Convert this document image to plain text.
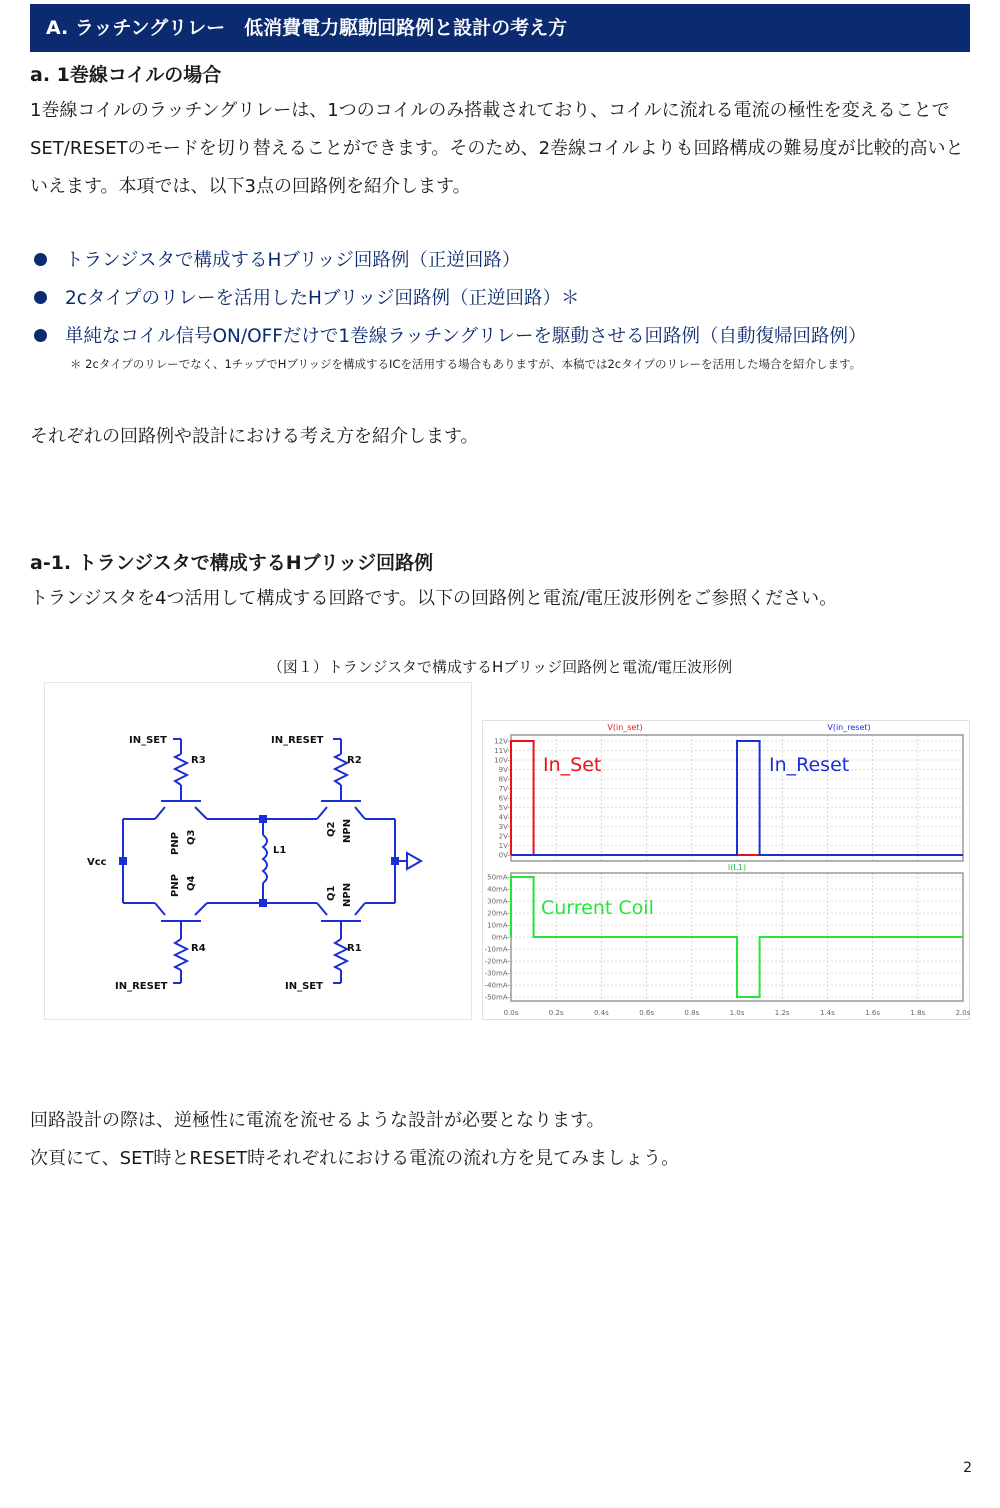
A. ラッチングリレー　低消費電力駆動回路例と設計の考え方
a. 1巻線コイルの場合
1巻線コイルのラッチングリレーは、1つのコイルのみ搭載されており、コイルに流れる電流の極性を変えることで
SET/RESETのモードを切り替えることができます。そのため、2巻線コイルよりも回路構成の難易度が比較的高いと
いえます。本項では、以下3点の回路例を紹介します。
トランジスタで構成するHブリッジ回路例（正逆回路）
2cタイプのリレーを活用したHブリッジ回路例（正逆回路）＊
単純なコイル信号ON/OFFだけで1巻線ラッチングリレーを駆動させる回路例（自動復帰回路例）
＊ 2cタイプのリレーでなく、1チップでHブリッジを構成するICを活用する場合もありますが、本稿では2cタイプのリレーを活用した場合を紹介します。
それぞれの回路例や設計における考え方を紹介します。
a-1. トランジスタで構成するHブリッジ回路例
トランジスタを4つ活用して構成する回路です。以下の回路例と電流/電圧波形例をご参照ください。
（図１）トランジスタで構成するHブリッジ回路例と電流/電圧波形例
IN_SET	IN_RESET
R3	R2
L1
Vcc
R4	R1
IN_RESET	IN_SET
PNP Q3
PNP Q4
Q2 NPN
Q1 NPN
12V-
11V-
10V-
9V-
8V-
7V-
6V-
5V-
4V-
3V-
2V-
1V-
0V-
50mA-
40mA-
30mA-
20mA-
10mA-
0mA-
-10mA-
-20mA-
-30mA-
-40mA-
-50mA-
0.0s	0.2s	0.4s	0.6s	0.8s	1.0s	1.2s	1.4s	1.6s	1.8s	2.0s
V(in_set)	V(in_reset)
I(L1)
In_Set	In_Reset
Current Coil
回路設計の際は、逆極性に電流を流せるような設計が必要となります。
次頁にて、SET時とRESET時それぞれにおける電流の流れ方を見てみましょう。
2
